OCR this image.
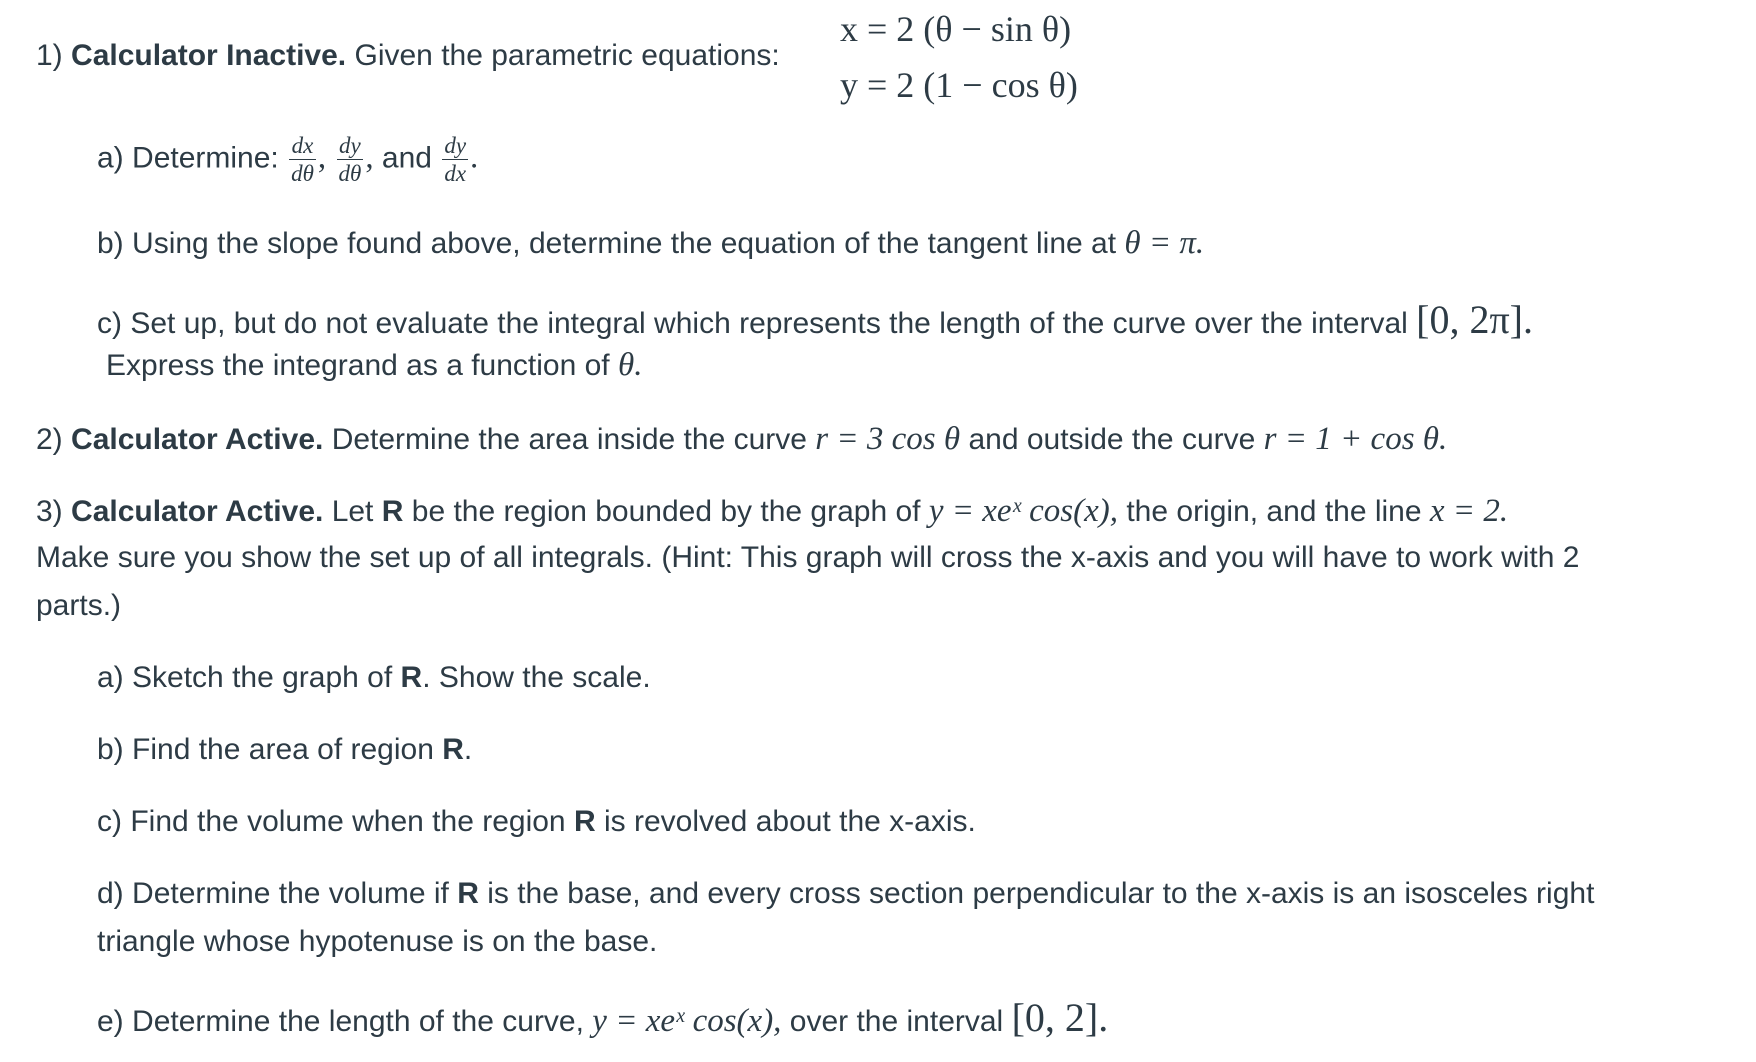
1) Calculator Inactive. Given the parametric equations:
x = 2 (θ − sin θ)
y = 2 (1 − cos θ)
a) Determine: $\frac{dx}{d\theta}$ , $\frac{dy}{d\theta}$ , and $\frac{dy}{dx}$ .
b) Using the slope found above, determine the equation of the tangent line at θ = π.
c) Set up, but do not evaluate the integral which represents the length of the curve over the interval [0, 2π].
Express the integrand as a function of θ.
2) Calculator Active. Determine the area inside the curve r = 3 cos θ and outside the curve r = 1 + cos θ.
3) Calculator Active. Let R be the region bounded by the graph of y = xeˣ cos(x), the origin, and the line x = 2.
Make sure you show the set up of all integrals. (Hint: This graph will cross the x-axis and you will have to work with 2
parts.)
a) Sketch the graph of R. Show the scale.
b) Find the area of region R.
c) Find the volume when the region R is revolved about the x-axis.
d) Determine the volume if R is the base, and every cross section perpendicular to the x-axis is an isosceles right
triangle whose hypotenuse is on the base.
e) Determine the length of the curve, y = xeˣ cos(x), over the interval [0, 2].
